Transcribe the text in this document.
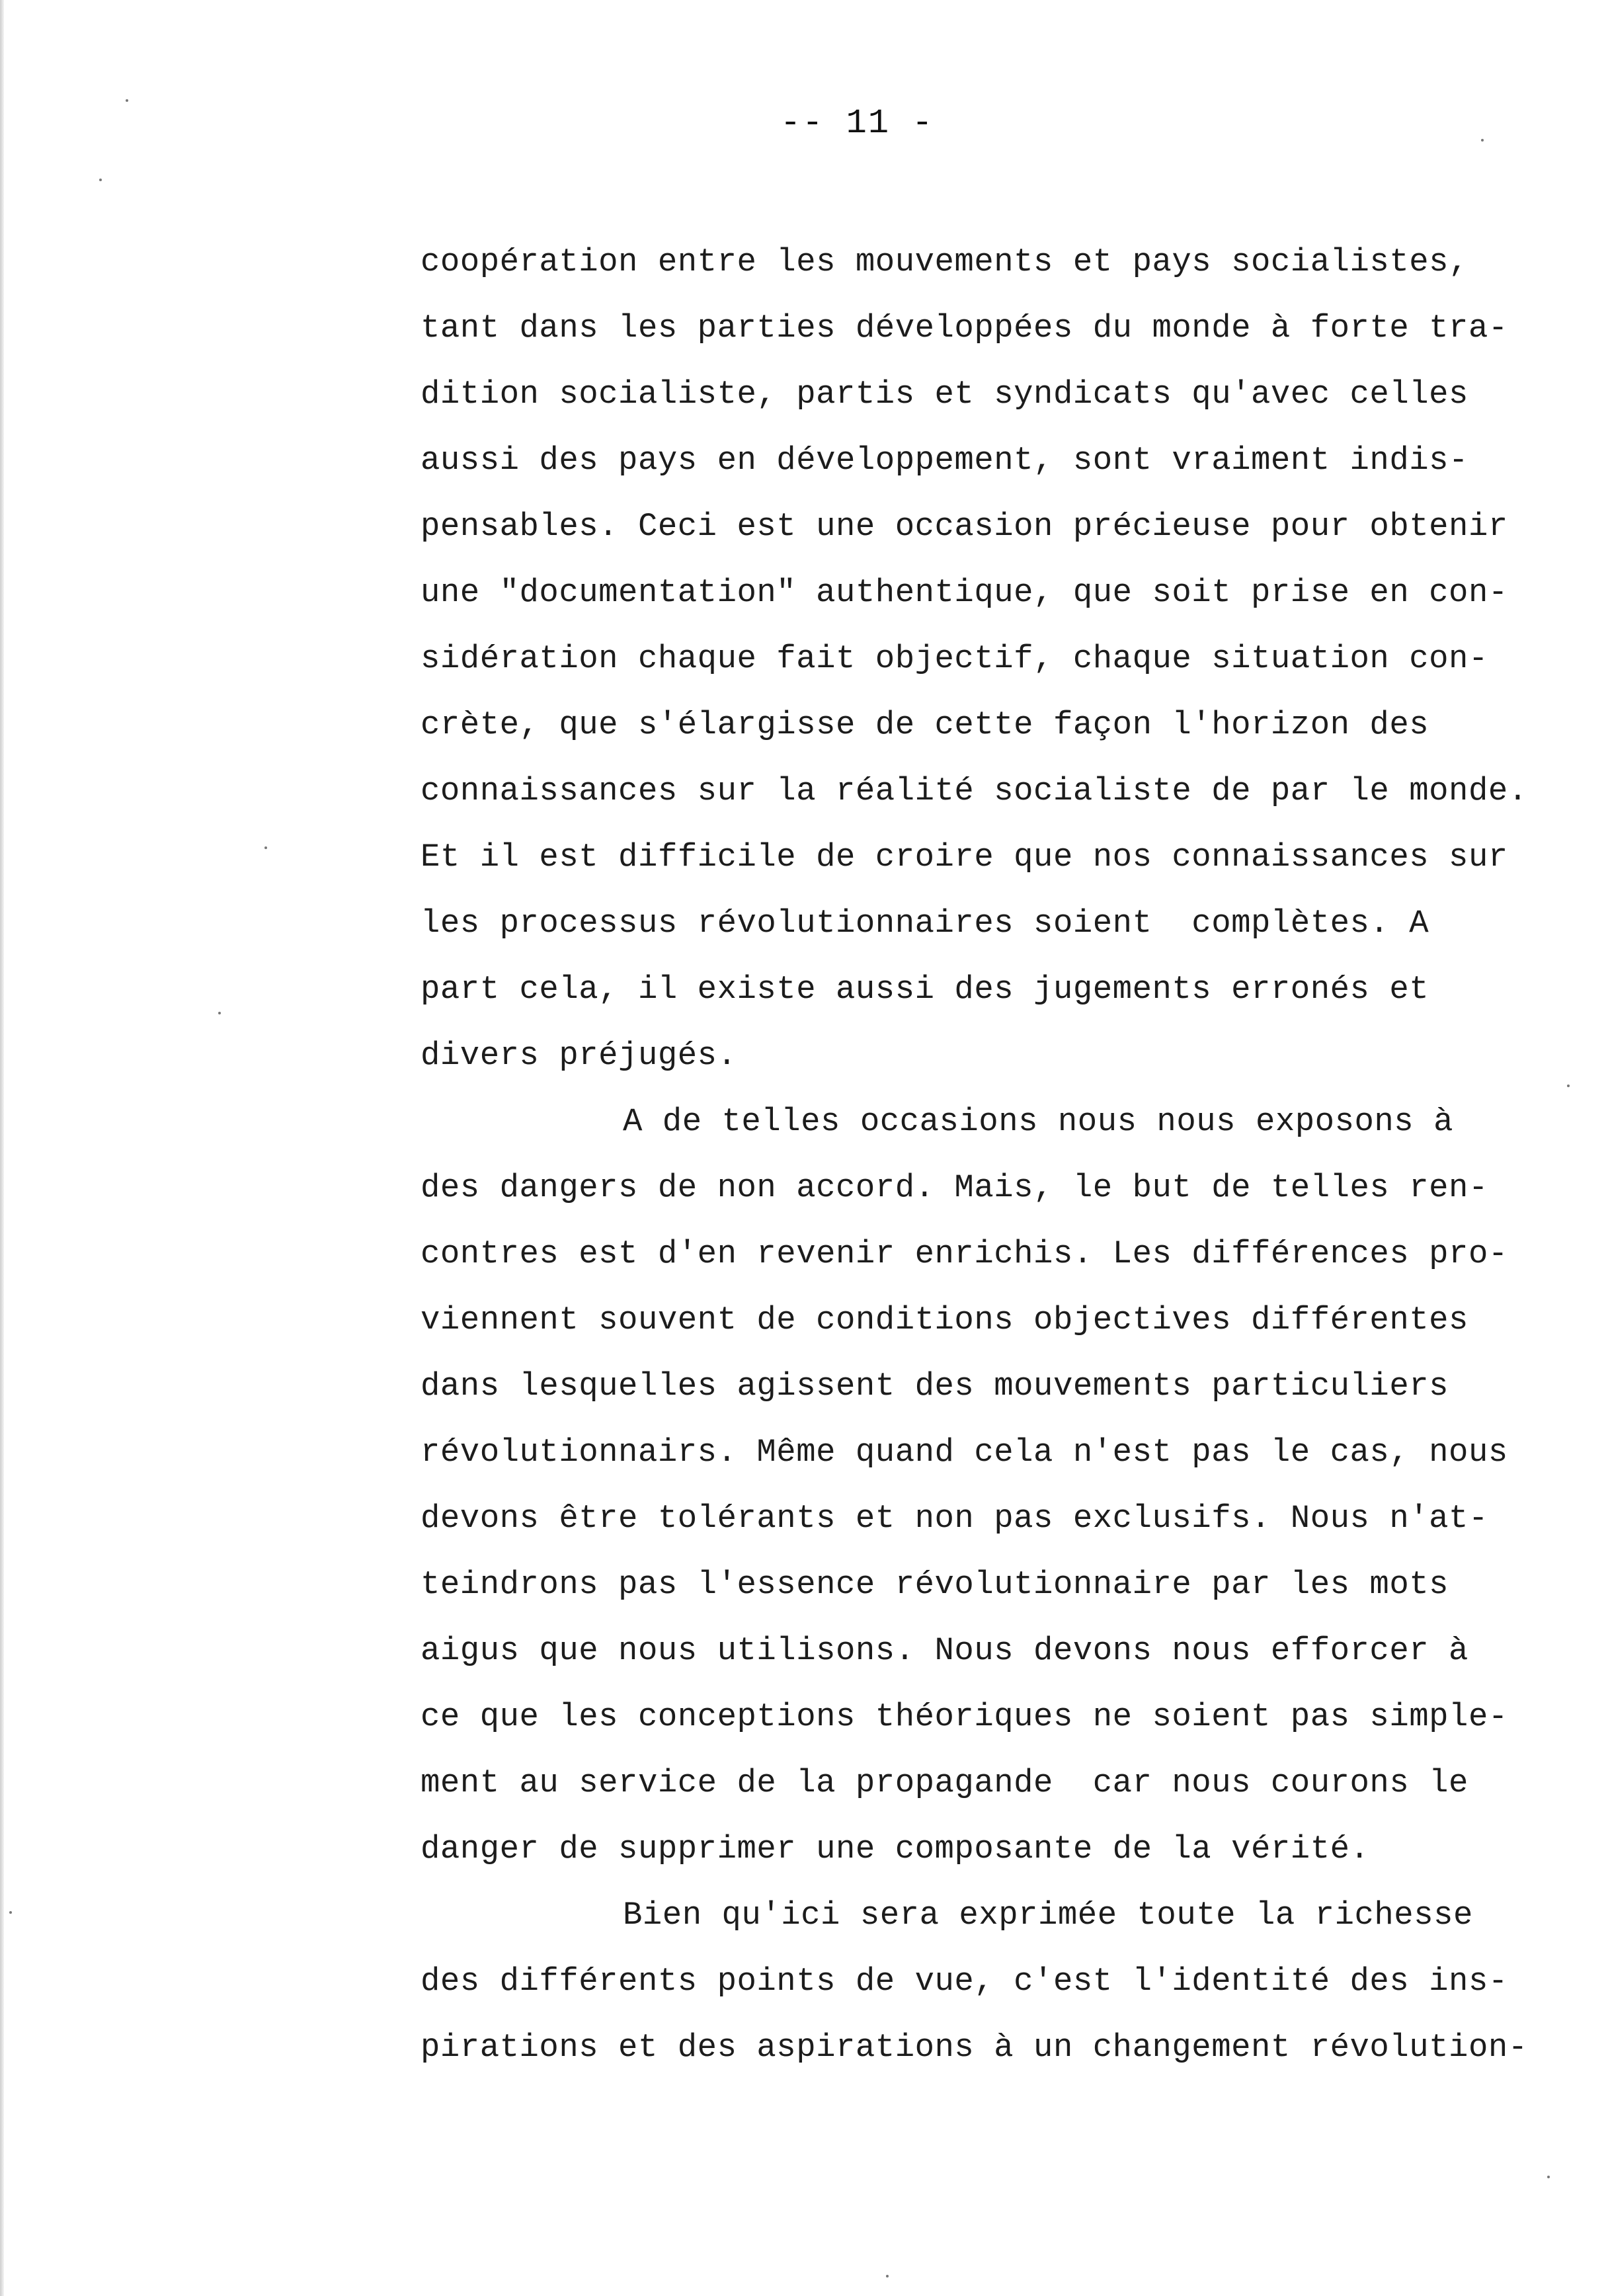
-- 11 -
coopération entre les mouvements et pays socialistes,
tant dans les parties développées du monde à forte tra-
dition socialiste, partis et syndicats qu'avec celles
aussi des pays en développement, sont vraiment indis-
pensables. Ceci est une occasion précieuse pour obtenir
une "documentation" authentique, que soit prise en con-
sidération chaque fait objectif, chaque situation con-
crète, que s'élargisse de cette façon l'horizon des
connaissances sur la réalité socialiste de par le monde.
Et il est difficile de croire que nos connaissances sur
les processus révolutionnaires soient  complètes. A
part cela, il existe aussi des jugements erronés et
divers préjugés.
A de telles occasions nous nous exposons à
des dangers de non accord. Mais, le but de telles ren-
contres est d'en revenir enrichis. Les différences pro-
viennent souvent de conditions objectives différentes
dans lesquelles agissent des mouvements particuliers
révolutionnairs. Même quand cela n'est pas le cas, nous
devons être tolérants et non pas exclusifs. Nous n'at-
teindrons pas l'essence révolutionnaire par les mots
aigus que nous utilisons. Nous devons nous efforcer à
ce que les conceptions théoriques ne soient pas simple-
ment au service de la propagande  car nous courons le
danger de supprimer une composante de la vérité.
Bien qu'ici sera exprimée toute la richesse
des différents points de vue, c'est l'identité des ins-
pirations et des aspirations à un changement révolution-
